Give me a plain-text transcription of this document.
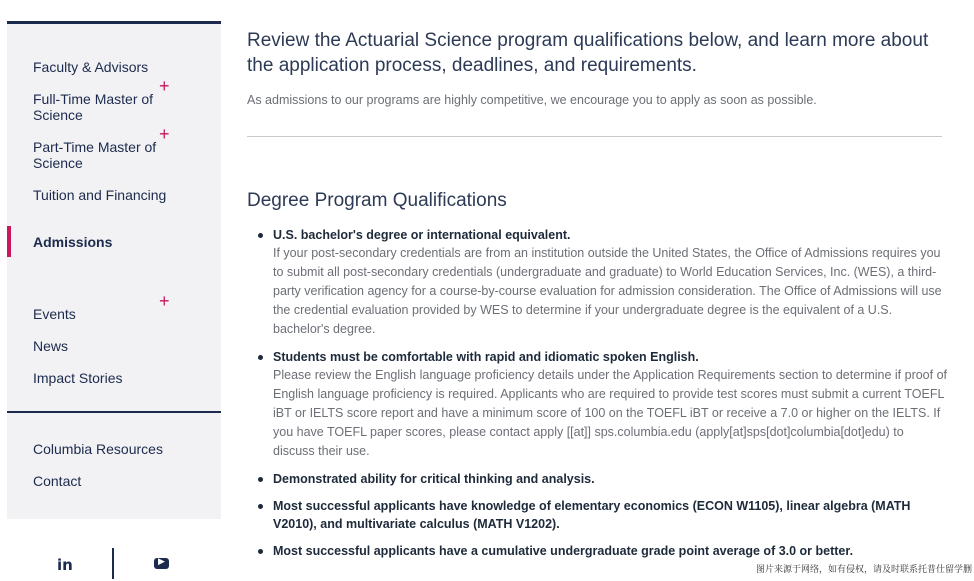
Faculty & Advisors
Full-Time Master of Science
+
Part-Time Master of Science
+
Tuition and Financing
Admissions
Events
+
News
Impact Stories
Columbia Resources
Contact
in	▶
Review the Actuarial Science program qualifications below, and learn more about the application process, deadlines, and requirements.
As admissions to our programs are highly competitive, we encourage you to apply as soon as possible.
Degree Program Qualifications
U.S. bachelor's degree or international equivalent.
If your post-secondary credentials are from an institution outside the United States, the Office of Admissions requires you to submit all post-secondary credentials (undergraduate and graduate) to World Education Services, Inc. (WES), a third-party verification agency for a course-by-course evaluation for admission consideration. The Office of Admissions will use the credential evaluation provided by WES to determine if your undergraduate degree is the equivalent of a U.S. bachelor's degree.
Students must be comfortable with rapid and idiomatic spoken English.
Please review the English language proficiency details under the Application Requirements section to determine if proof of English language proficiency is required. Applicants who are required to provide test scores must submit a current TOEFL iBT or IELTS score report and have a minimum score of 100 on the TOEFL iBT or receive a 7.0 or higher on the IELTS. If you have TOEFL paper scores, please contact apply [[at]] sps.columbia.edu (apply[at]sps[dot]columbia[dot]edu) to discuss their use.
Demonstrated ability for critical thinking and analysis.
Most successful applicants have knowledge of elementary economics (ECON W1105), linear algebra (MATH V2010), and multivariate calculus (MATH V1202).
Most successful applicants have a cumulative undergraduate grade point average of 3.0 or better.
图片来源于网络，如有侵权，请及时联系托普仕留学删
